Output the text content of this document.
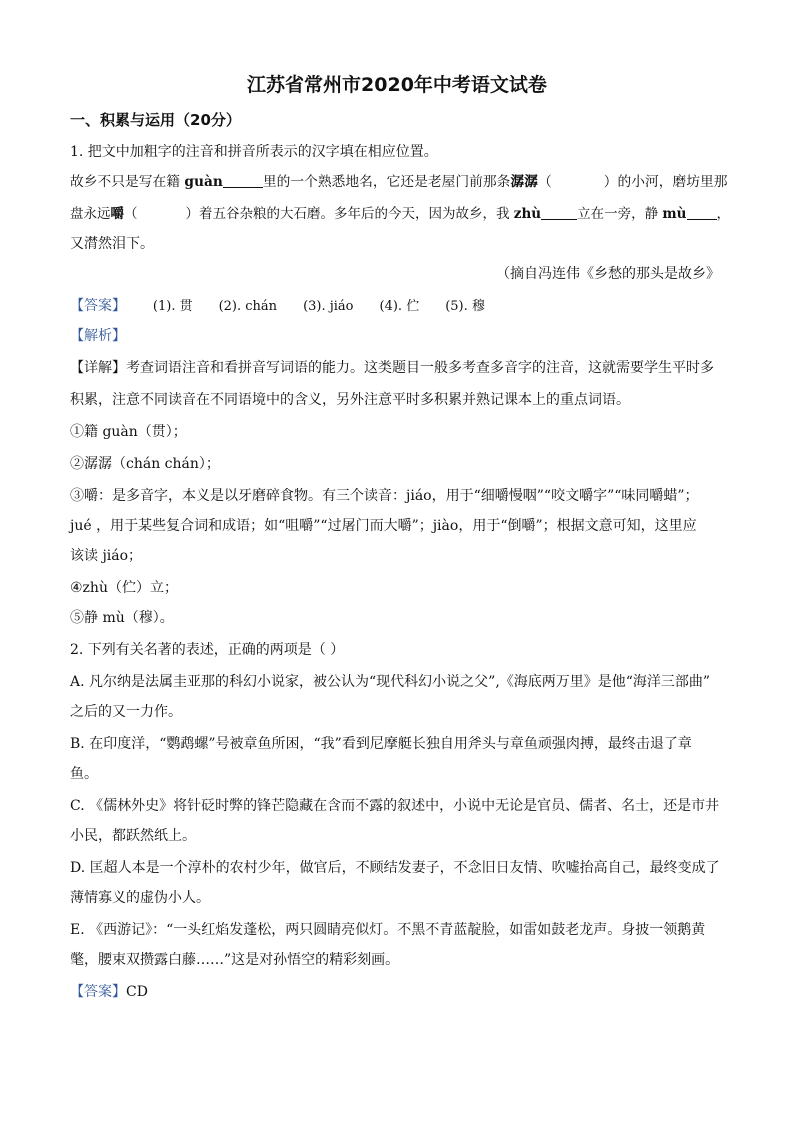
江苏省常州市2020年中考语文试卷
一、积累与运用（20分）
1. 把文中加粗字的注音和拼音所表示的汉字填在相应位置。
故乡不只是写在籍 guàn	里的一个熟悉地名，它还是老屋门前那条潺潺（	）的小河，磨坊里那
盘永远嚼（	）着五谷杂粮的大石磨。多年后的今天，因为故乡，我 zhù	立在一旁，静 mù ，
又潸然泪下。
（摘自冯连伟《乡愁的那头是故乡》
【答案】 (1). 贯 (2). chán (3). jiáo (4). 伫 (5). 穆
【解析】
【详解】考查词语注音和看拼音写词语的能力。这类题目一般多考查多音字的注音，这就需要学生平时多
积累，注意不同读音在不同语境中的含义，另外注意平时多积累并熟记课本上的重点词语。
①籍 guàn（贯）；
②潺潺（chán chán）；
③嚼：是多音字，本义是以牙磨碎食物。有三个读音：jiáo，用于“细嚼慢咽”“咬文嚼字”“味同嚼蜡”；
jué ，用于某些复合词和成语；如“咀嚼”“过屠门而大嚼”；jiào，用于“倒嚼”；根据文意可知，这里应
该读 jiáo；
④zhù（伫）立；
⑤静 mù（穆）。
2. 下列有关名著的表述，正确的两项是（ ）
A. 凡尔纳是法属圭亚那的科幻小说家，被公认为“现代科幻小说之父”,《海底两万里》是他“海洋三部曲”
之后的又一力作。
B. 在印度洋，“鹦鹉螺”号被章鱼所困，“我”看到尼摩艇长独自用斧头与章鱼顽强肉搏，最终击退了章
鱼。
C. 《儒林外史》将针砭时弊的锋芒隐藏在含而不露的叙述中，小说中无论是官员、儒者、名士，还是市井
小民，都跃然纸上。
D. 匡超人本是一个淳朴的农村少年，做官后，不顾结发妻子，不念旧日友情、吹嘘抬高自己，最终变成了
薄情寡义的虚伪小人。
E. 《西游记》：“一头红焰发蓬松，两只圆睛亮似灯。不黑不青蓝靛脸，如雷如鼓老龙声。身披一领鹅黄
氅，腰束双攒露白藤……”这是对孙悟空的精彩刻画。
【答案】CD
